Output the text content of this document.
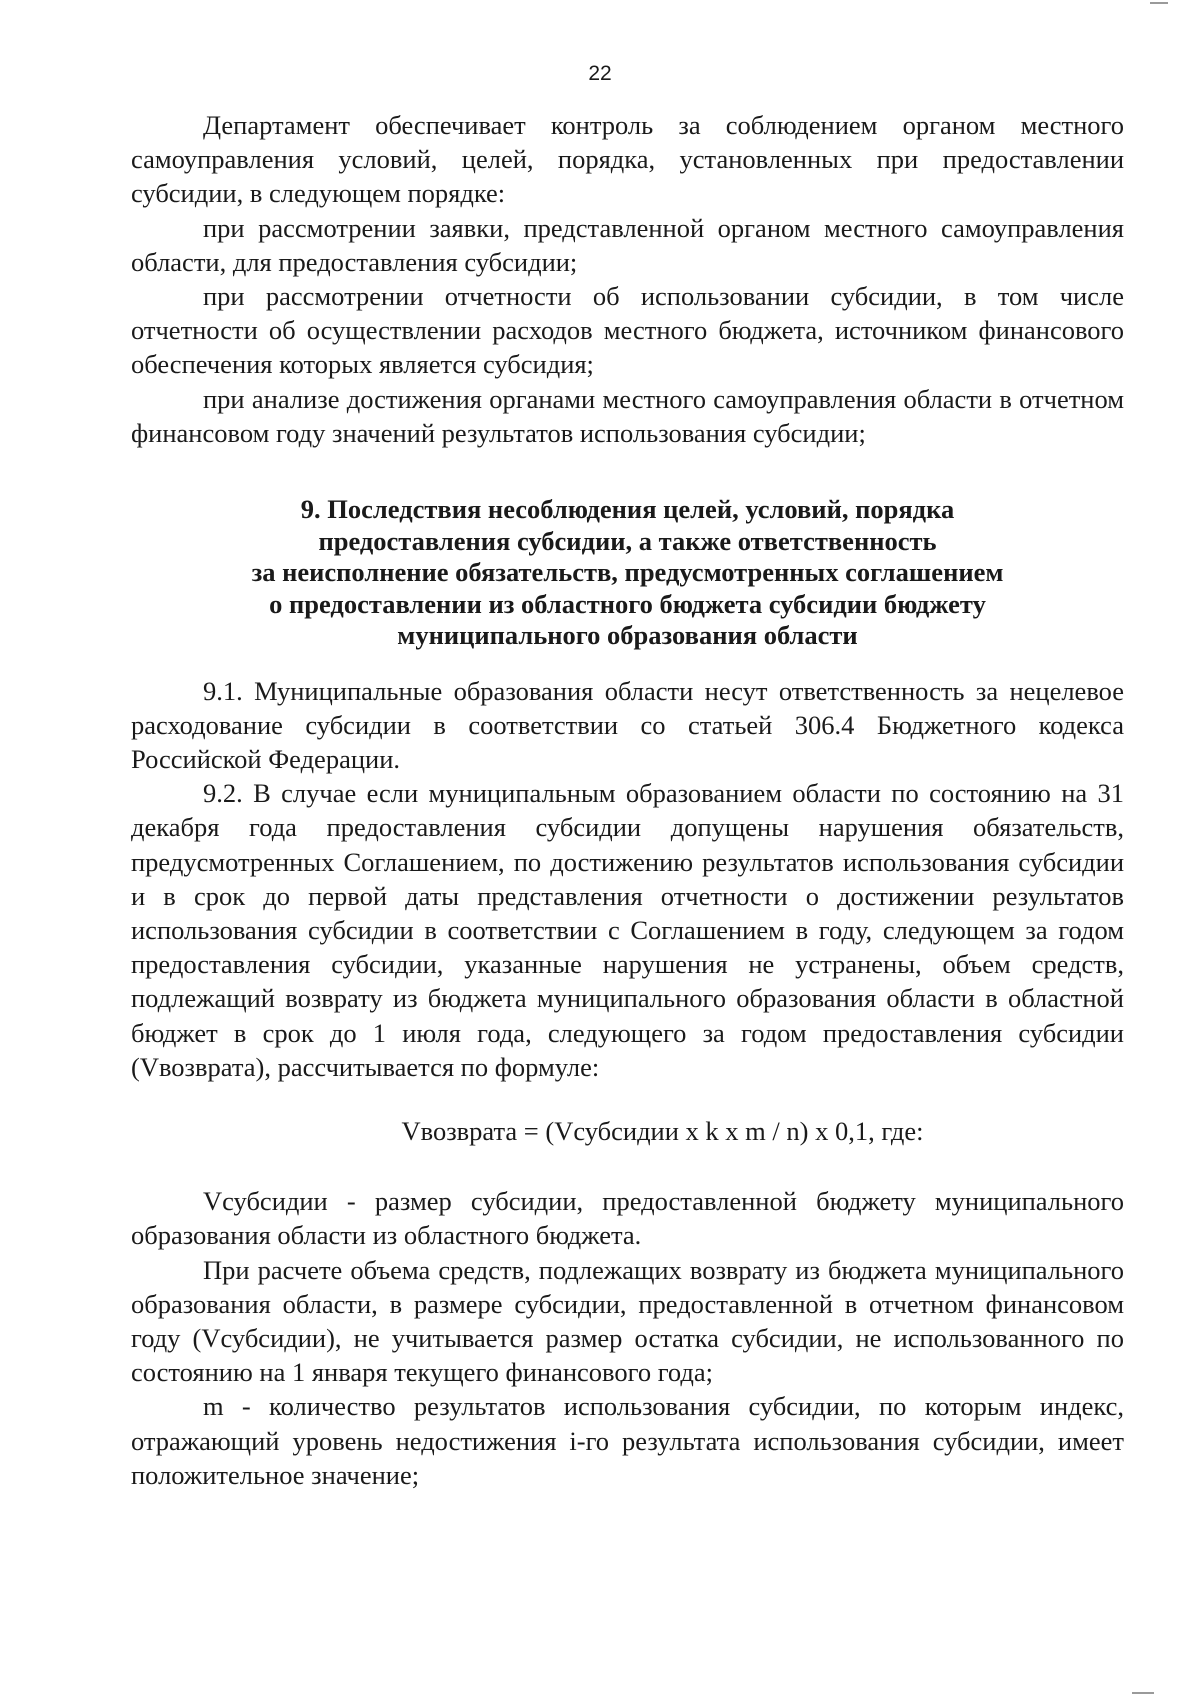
22

Департамент обеспечивает контроль за соблюдением органом местного самоуправления условий, целей, порядка, установленных при предоставлении субсидии, в следующем порядке:

при рассмотрении заявки, представленной органом местного самоуправления области, для предоставления субсидии;

при рассмотрении отчетности об использовании субсидии, в том числе отчетности об осуществлении расходов местного бюджета, источником финансового обеспечения которых является субсидия;

при анализе достижения органами местного самоуправления области в отчетном финансовом году значений результатов использования субсидии;

9. Последствия несоблюдения целей, условий, порядка
предоставления субсидии, а также ответственность
за неисполнение обязательств, предусмотренных соглашением
о предоставлении из областного бюджета субсидии бюджету
муниципального образования области

9.1. Муниципальные образования области несут ответственность за нецелевое расходование субсидии в соответствии со статьей 306.4 Бюджетного кодекса Российской Федерации.

9.2. В случае если муниципальным образованием области по состоянию на 31 декабря года предоставления субсидии допущены нарушения обязательств, предусмотренных Соглашением, по достижению результатов использования субсидии и в срок до первой даты представления отчетности о достижении результатов использования субсидии в соответствии с Соглашением в году, следующем за годом предоставления субсидии, указанные нарушения не устранены, объем средств, подлежащий возврату из бюджета муниципального образования области в областной бюджет в срок до 1 июля года, следующего за годом предоставления субсидии (Vвозврата), рассчитывается по формуле:

Vвозврата = (Vсубсидии x k x m / n) x 0,1, где:

Vсубсидии - размер субсидии, предоставленной бюджету муниципального образования области из областного бюджета.

При расчете объема средств, подлежащих возврату из бюджета муниципального образования области, в размере субсидии, предоставленной в отчетном финансовом году (Vсубсидии), не учитывается размер остатка субсидии, не использованного по состоянию на 1 января текущего финансового года;

m - количество результатов использования субсидии, по которым индекс, отражающий уровень недостижения i-го результата использования субсидии, имеет положительное значение;
